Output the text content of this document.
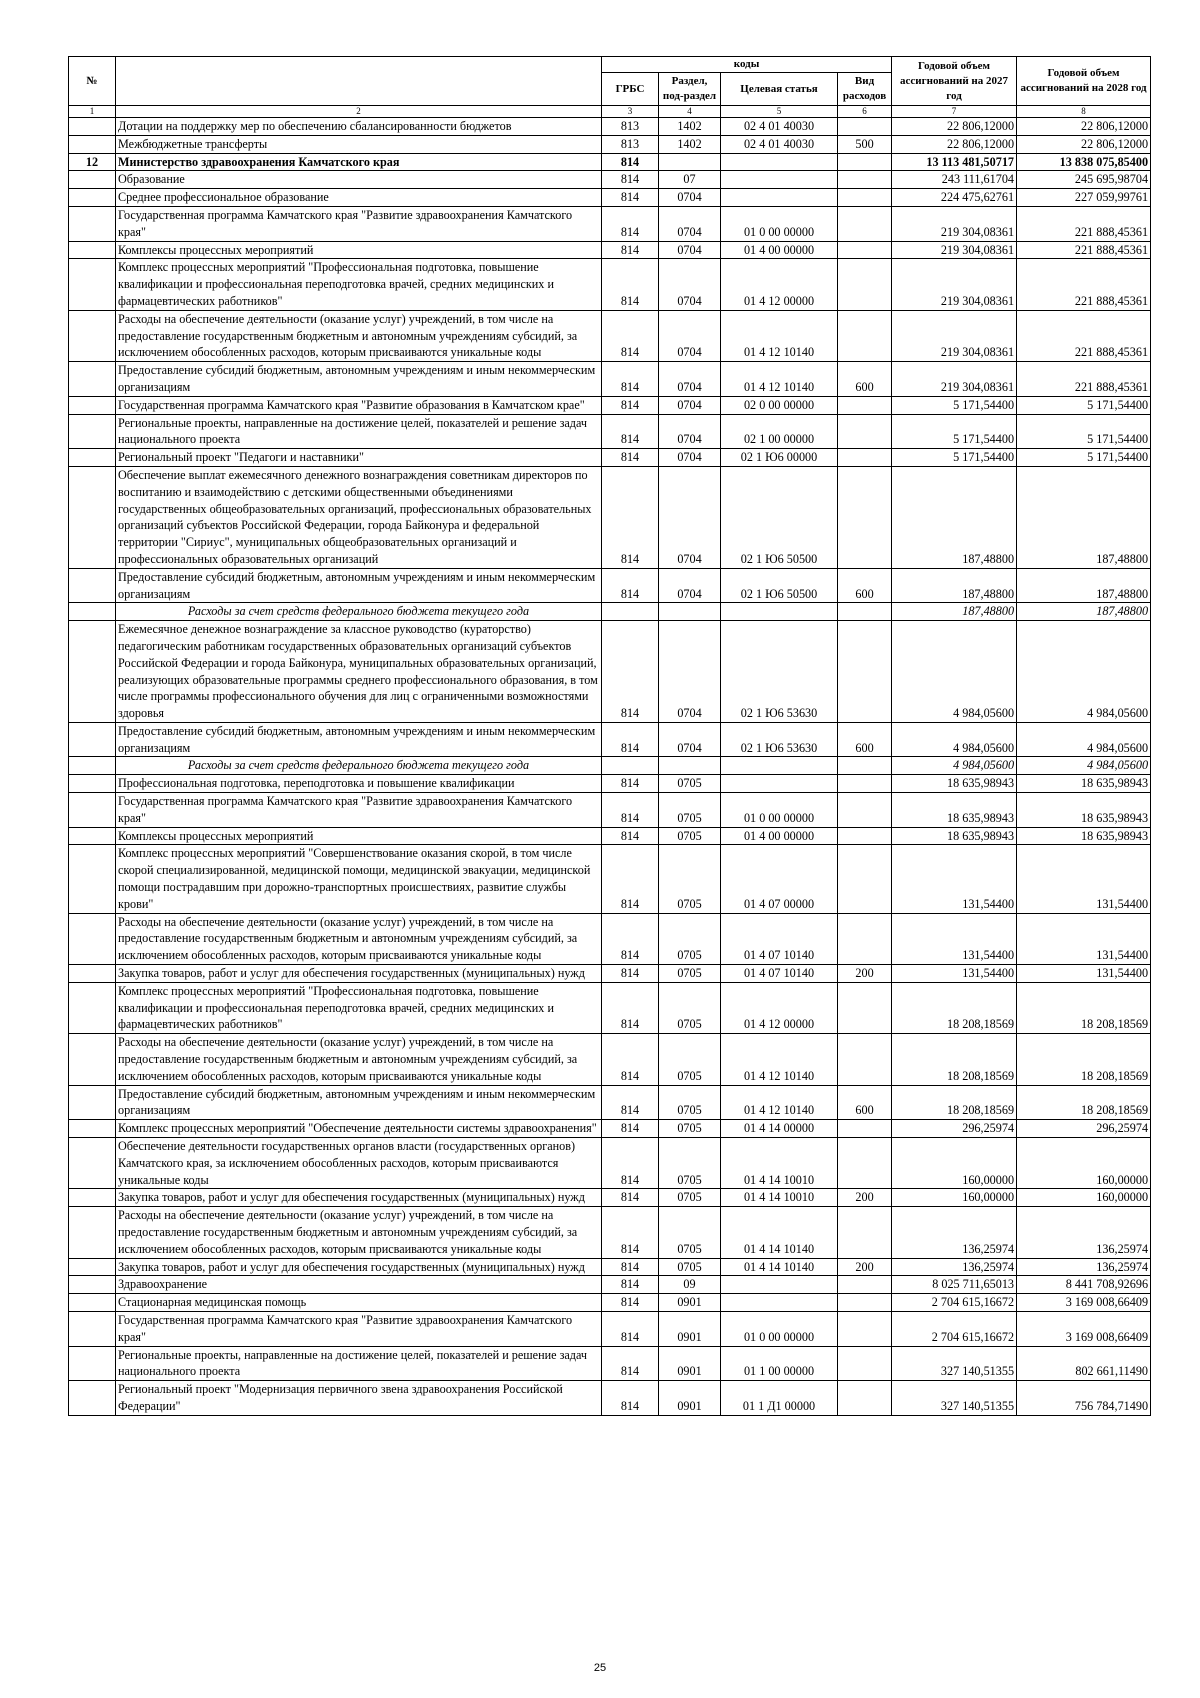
№		коды				Годовой объем ассигнований на 2027 год	Годовой объем ассигнований на 2028 год
		ГРБС	Раздел, под-раздел	Целевая статья	Вид расходов		
1	2	3	4	5	6	7	8
	Дотации на поддержку мер по обеспечению сбалансированности бюджетов	813	1402	02 4 01 40030		22 806,12000	22 806,12000
	Межбюджетные трансферты	813	1402	02 4 01 40030	500	22 806,12000	22 806,12000
12	Министерство здравоохранения Камчатского края	814				13 113 481,50717	13 838 075,85400
	Образование	814	07			243 111,61704	245 695,98704
	Среднее профессиональное образование	814	0704			224 475,62761	227 059,99761
	Государственная программа Камчатского края "Развитие здравоохранения Камчатского края"	814	0704	01 0 00 00000		219 304,08361	221 888,45361
	Комплексы процессных мероприятий	814	0704	01 4 00 00000		219 304,08361	221 888,45361
	Комплекс процессных мероприятий "Профессиональная подготовка, повышение квалификации и профессиональная переподготовка врачей, средних медицинских и фармацевтических работников"	814	0704	01 4 12 00000		219 304,08361	221 888,45361
	Расходы на обеспечение деятельности (оказание услуг) учреждений, в том числе на предоставление государственным бюджетным и автономным учреждениям субсидий, за исключением обособленных расходов, которым присваиваются уникальные коды	814	0704	01 4 12 10140		219 304,08361	221 888,45361
	Предоставление субсидий бюджетным, автономным учреждениям и иным некоммерческим организациям	814	0704	01 4 12 10140	600	219 304,08361	221 888,45361
	Государственная программа Камчатского края "Развитие образования в Камчатском крае"	814	0704	02 0 00 00000		5 171,54400	5 171,54400
	Региональные проекты, направленные на достижение целей, показателей и решение задач национального проекта	814	0704	02 1 00 00000		5 171,54400	5 171,54400
	Региональный проект "Педагоги и наставники"	814	0704	02 1 Ю6 00000		5 171,54400	5 171,54400
	Обеспечение выплат ежемесячного денежного вознаграждения советникам директоров по воспитанию и взаимодействию с детскими общественными объединениями государственных общеобразовательных организаций, профессиональных образовательных организаций субъектов Российской Федерации, города Байконура и федеральной территории "Сириус", муниципальных общеобразовательных организаций и профессиональных образовательных организаций	814	0704	02 1 Ю6 50500		187,48800	187,48800
	Предоставление субсидий бюджетным, автономным учреждениям и иным некоммерческим организациям	814	0704	02 1 Ю6 50500	600	187,48800	187,48800
	Расходы за счет средств федерального бюджета текущего года					187,48800	187,48800
	Ежемесячное денежное вознаграждение за классное руководство (кураторство) педагогическим работникам государственных образовательных организаций субъектов Российской Федерации и города Байконура, муниципальных образовательных организаций, реализующих образовательные программы среднего профессионального образования, в том числе программы профессионального обучения для лиц с ограниченными возможностями здоровья	814	0704	02 1 Ю6 53630		4 984,05600	4 984,05600
	Предоставление субсидий бюджетным, автономным учреждениям и иным некоммерческим организациям	814	0704	02 1 Ю6 53630	600	4 984,05600	4 984,05600
	Расходы за счет средств федерального бюджета текущего года					4 984,05600	4 984,05600
	Профессиональная подготовка, переподготовка и повышение квалификации	814	0705			18 635,98943	18 635,98943
	Государственная программа Камчатского края "Развитие здравоохранения Камчатского края"	814	0705	01 0 00 00000		18 635,98943	18 635,98943
	Комплексы процессных мероприятий	814	0705	01 4 00 00000		18 635,98943	18 635,98943
	Комплекс процессных мероприятий "Совершенствование оказания скорой, в том числе скорой специализированной, медицинской помощи, медицинской эвакуации, медицинской помощи пострадавшим при дорожно-транспортных происшествиях, развитие службы крови"	814	0705	01 4 07 00000		131,54400	131,54400
	Расходы на обеспечение деятельности (оказание услуг) учреждений, в том числе на предоставление государственным бюджетным и автономным учреждениям субсидий, за исключением обособленных расходов, которым присваиваются уникальные коды	814	0705	01 4 07 10140		131,54400	131,54400
	Закупка товаров, работ и услуг для обеспечения государственных (муниципальных) нужд	814	0705	01 4 07 10140	200	131,54400	131,54400
	Комплекс процессных мероприятий "Профессиональная подготовка, повышение квалификации и профессиональная переподготовка врачей, средних медицинских и фармацевтических работников"	814	0705	01 4 12 00000		18 208,18569	18 208,18569
	Расходы на обеспечение деятельности (оказание услуг) учреждений, в том числе на предоставление государственным бюджетным и автономным учреждениям субсидий, за исключением обособленных расходов, которым присваиваются уникальные коды	814	0705	01 4 12 10140		18 208,18569	18 208,18569
	Предоставление субсидий бюджетным, автономным учреждениям и иным некоммерческим организациям	814	0705	01 4 12 10140	600	18 208,18569	18 208,18569
	Комплекс процессных мероприятий "Обеспечение деятельности системы здравоохранения"	814	0705	01 4 14 00000		296,25974	296,25974
	Обеспечение деятельности государственных органов власти (государственных органов) Камчатского края, за исключением обособленных расходов, которым присваиваются уникальные коды	814	0705	01 4 14 10010		160,00000	160,00000
	Закупка товаров, работ и услуг для обеспечения государственных (муниципальных) нужд	814	0705	01 4 14 10010	200	160,00000	160,00000
	Расходы на обеспечение деятельности (оказание услуг) учреждений, в том числе на предоставление государственным бюджетным и автономным учреждениям субсидий, за исключением обособленных расходов, которым присваиваются уникальные коды	814	0705	01 4 14 10140		136,25974	136,25974
	Закупка товаров, работ и услуг для обеспечения государственных (муниципальных) нужд	814	0705	01 4 14 10140	200	136,25974	136,25974
	Здравоохранение	814	09			8 025 711,65013	8 441 708,92696
	Стационарная медицинская помощь	814	0901			2 704 615,16672	3 169 008,66409
	Государственная программа Камчатского края "Развитие здравоохранения Камчатского края"	814	0901	01 0 00 00000		2 704 615,16672	3 169 008,66409
	Региональные проекты, направленные на достижение целей, показателей и решение задач национального проекта	814	0901	01 1 00 00000		327 140,51355	802 661,11490
	Региональный проект "Модернизация первичного звена здравоохранения Российской Федерации"	814	0901	01 1 Д1 00000		327 140,51355	756 784,71490
25
